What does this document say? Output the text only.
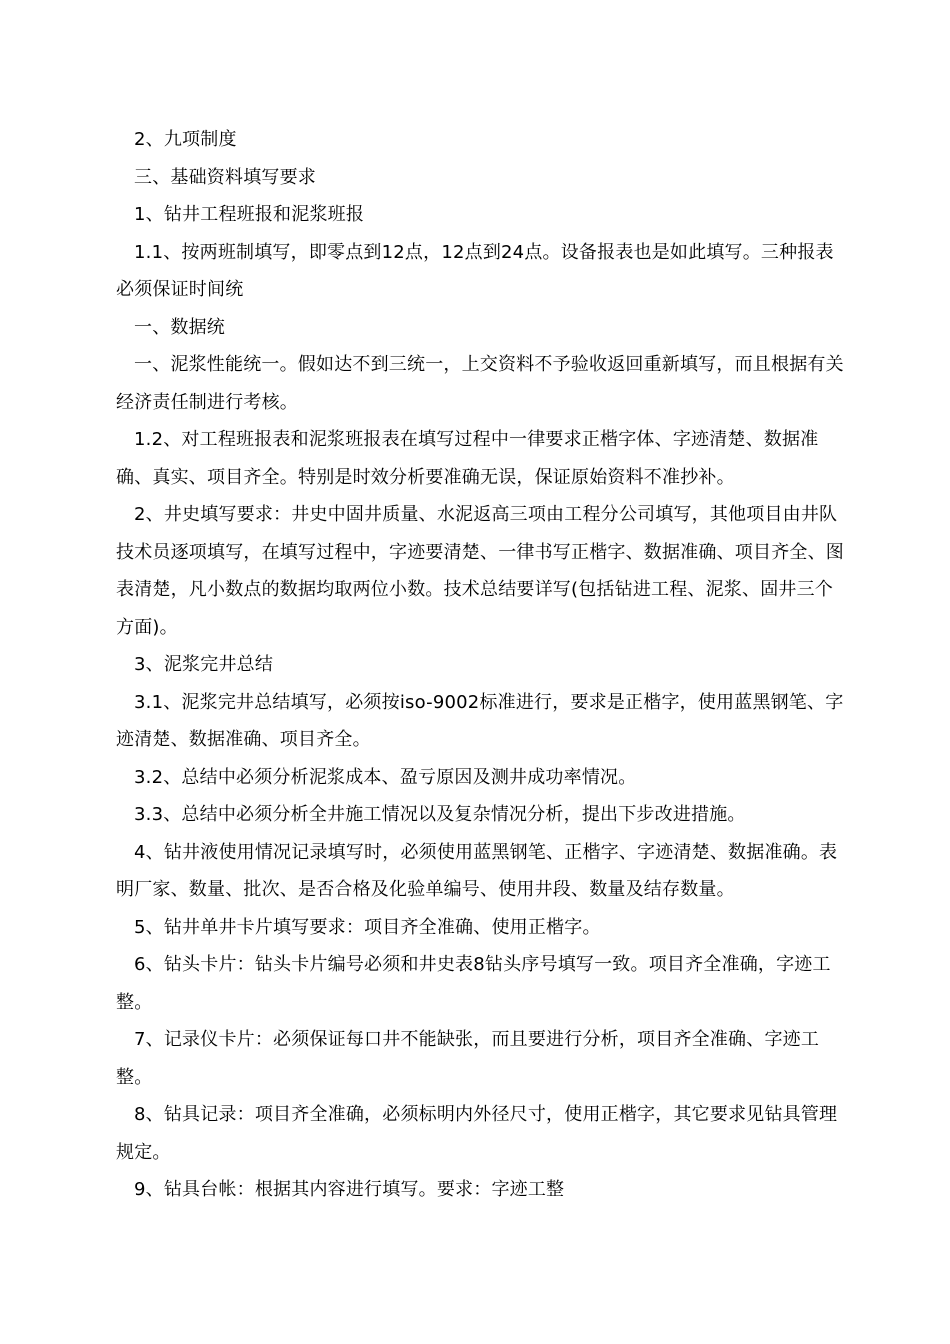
2、九项制度

三、基础资料填写要求

1、钻井工程班报和泥浆班报

1.1、按两班制填写，即零点到12点，12点到24点。设备报表也是如此填写。三种报表必须保证时间统

一、数据统

一、泥浆性能统一。假如达不到三统一，上交资料不予验收返回重新填写，而且根据有关经济责任制进行考核。

1.2、对工程班报表和泥浆班报表在填写过程中一律要求正楷字体、字迹清楚、数据准确、真实、项目齐全。特别是时效分析要准确无误，保证原始资料不准抄补。

2、井史填写要求：井史中固井质量、水泥返高三项由工程分公司填写，其他项目由井队技术员逐项填写，在填写过程中，字迹要清楚、一律书写正楷字、数据准确、项目齐全、图表清楚，凡小数点的数据均取两位小数。技术总结要详写(包括钻进工程、泥浆、固井三个方面)。

3、泥浆完井总结

3.1、泥浆完井总结填写，必须按iso-9002标准进行，要求是正楷字，使用蓝黑钢笔、字迹清楚、数据准确、项目齐全。

3.2、总结中必须分析泥浆成本、盈亏原因及测井成功率情况。

3.3、总结中必须分析全井施工情况以及复杂情况分析，提出下步改进措施。

4、钻井液使用情况记录填写时，必须使用蓝黑钢笔、正楷字、字迹清楚、数据准确。表明厂家、数量、批次、是否合格及化验单编号、使用井段、数量及结存数量。

5、钻井单井卡片填写要求：项目齐全准确、使用正楷字。

6、钻头卡片：钻头卡片编号必须和井史表8钻头序号填写一致。项目齐全准确，字迹工整。

7、记录仪卡片：必须保证每口井不能缺张，而且要进行分析，项目齐全准确、字迹工整。

8、钻具记录：项目齐全准确，必须标明内外径尺寸，使用正楷字，其它要求见钻具管理规定。

9、钻具台帐：根据其内容进行填写。要求：字迹工整
